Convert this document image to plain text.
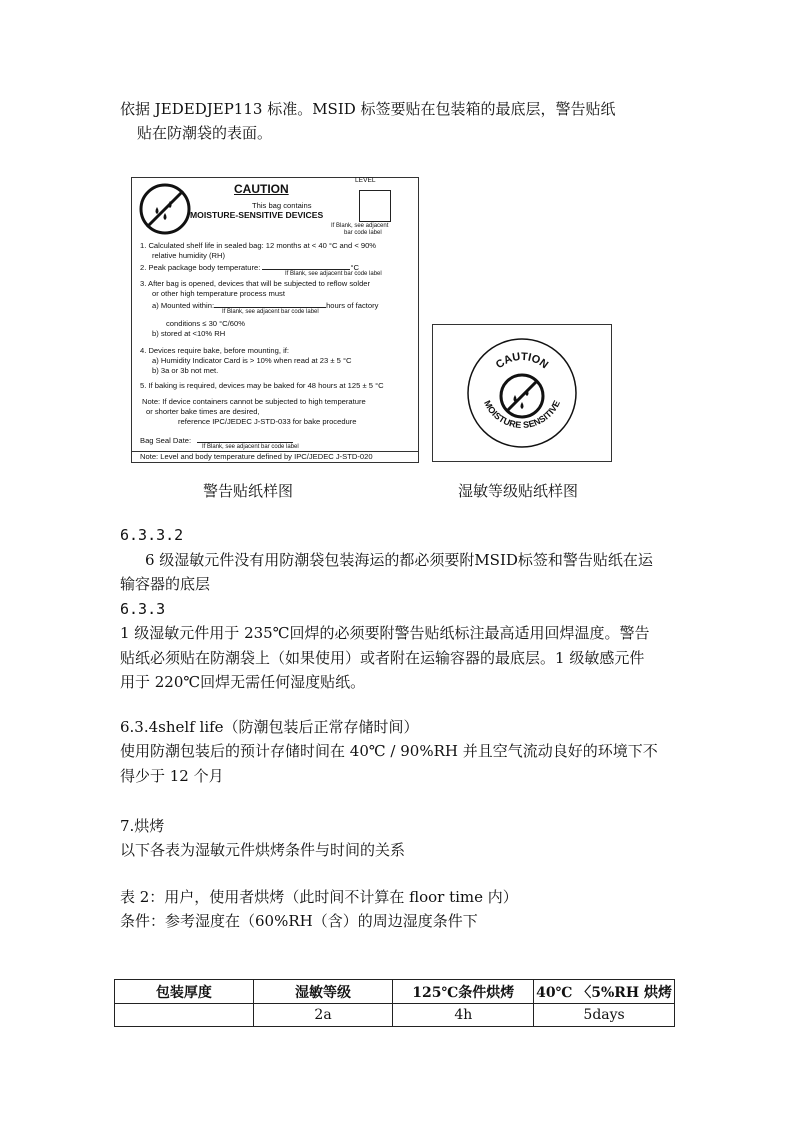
依据 JEDEDJEP113 标准。MSID 标签要贴在包装箱的最底层，警告贴纸
贴在防潮袋的表面。
CAUTION
This bag contains
MOISTURE-SENSITIVE DEVICES
LEVEL
If Blank, see adjacent
bar code label
1. Calculated shelf life in sealed bag: 12 months at < 40 °C and < 90%
relative humidity (RH)
2. Peak package body temperature:	°C
If Blank, see adjacent bar code label
3. After bag is opened, devices that will be subjected to reflow solder
or other high temperature process must
a) Mounted within:	hours of factory
If Blank, see adjacent bar code label
conditions ≤ 30 °C/60%
b) stored at <10% RH
4. Devices require bake, before mounting, if:
a) Humidity Indicator Card is > 10% when read at 23 ± 5 °C
b) 3a or 3b not met.
5. If baking is required, devices may be baked for 48 hours at 125 ± 5 °C
Note: If device containers cannot be subjected to high temperature
or shorter bake times are desired,
reference IPC/JEDEC J-STD-033 for bake procedure
Bag Seal Date:
If Blank, see adjacent bar code label
Note: Level and body temperature defined by IPC/JEDEC J-STD-020
CAUTION
MOISTURE SENSITIVE
警告贴纸样图	湿敏等级贴纸样图
6.3.3.2
6 级湿敏元件没有用防潮袋包装海运的都必须要附MSID标签和警告贴纸在运
输容器的底层
6.3.3
1 级湿敏元件用于 235℃回焊的必须要附警告贴纸标注最高适用回焊温度。警告
贴纸必须贴在防潮袋上（如果使用）或者附在运输容器的最底层。1 级敏感元件
用于 220℃回焊无需任何湿度贴纸。
6.3.4shelf life（防潮包装后正常存储时间）
使用防潮包装后的预计存储时间在 40℃ / 90%RH 并且空气流动良好的环境下不
得少于 12 个月
7.烘烤
以下各表为湿敏元件烘烤条件与时间的关系
表 2：用户，使用者烘烤（此时间不计算在 floor time 内）
条件：参考湿度在（60%RH（含）的周边湿度条件下
包装厚度	湿敏等级	125℃条件烘烤	40℃ 〈5%RH 烘烤
	2a	4h	5days
